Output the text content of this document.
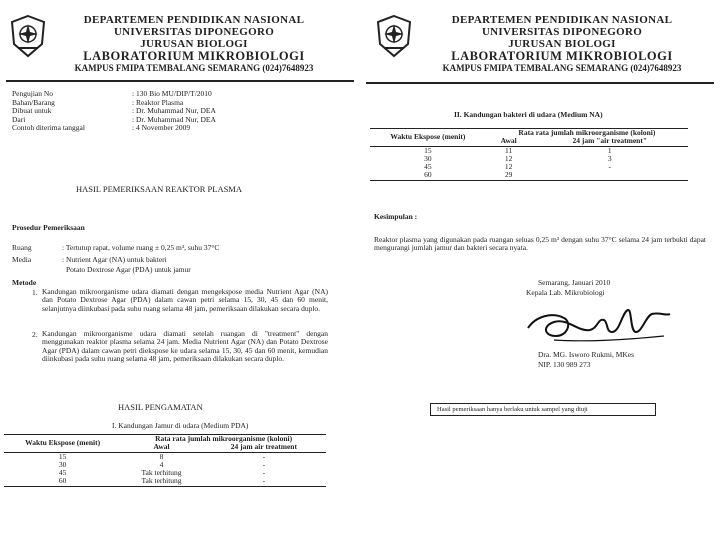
DEPARTEMEN PENDIDIKAN NASIONAL
UNIVERSITAS DIPONEGORO
JURUSAN BIOLOGI
LABORATORIUM MIKROBIOLOGI
KAMPUS FMIPA TEMBALANG SEMARANG (024)7648923
Pengujian No	: 130 Bio MU/DIP/T/2010
Bahan/Barang	: Reaktor Plasma
Dibuat untuk	: Dr. Muhammad Nur, DEA
Dari	: Dr. Muhammad Nur, DEA
Contoh diterima tanggal	: 4 November 2009
HASIL PEMERIKSAAN REAKTOR PLASMA
Prosedur Pemeriksaan
Ruang	: Tertutup rapat, volume ruang ± 0,25 m³, suhu 37°C
Media	: Nutrient Agar (NA) untuk bakteri
Potato Dextrose Agar (PDA) untuk jamur
Metode
1. Kandungan mikroorganisme udara diamati dengan mengekspose media Nutrient Agar (NA) dan Potato Dextrose Agar (PDA) dalam cawan petri selama 15, 30, 45 dan 60 menit, selanjutnya diinkubasi pada suhu ruang selama 48 jam, pemeriksaan dilakukan secara duplo.
2. Kandungan mikroorganisme udara diamati setelah ruangan di "treatment" dengan menggunakan reaktor plasma selama 24 jam. Media Nutrient Agar (NA) dan Potato Dextrose Agar (PDA) dalam cawan petri diekspose ke udara selama 15, 30, 45 dan 60 menit, kemudian diinkubasi pada suhu ruang selama 48 jam, pemeriksaan dilakukan secara duplo.
HASIL PENGAMATAN
I. Kandungan Jamur di udara (Medium PDA)
Waktu Ekspose (menit)	Rata rata jumlah mikroorganisme (koloni)	
	Awal	24 jam air treatment
15	8	-
30	4	-
45	Tak terhitung	-
60	Tak terhitung	-
DEPARTEMEN PENDIDIKAN NASIONAL
UNIVERSITAS DIPONEGORO
JURUSAN BIOLOGI
LABORATORIUM MIKROBIOLOGI
KAMPUS FMIPA TEMBALANG SEMARANG (024)7648923
II. Kandungan bakteri di udara (Medium NA)
Waktu Ekspose (menit)	Rata rata jumlah mikroorganisme (koloni)	
	Awal	24 jam "air treatment"
15	11	1
30	12	3
45	12	-
60	29	
Kesimpulan :
Reaktor plasma yang digunakan pada ruangan seluas 0,25 m³ dengan suhu 37°C selama 24 jam terbukti dapat mengurangi jumlah jamur dan bakteri secara nyata.
Semarang, Januari 2010
Kepala Lab. Mikrobiologi
Dra. MG. Isworo Rukmi, MKes
NIP. 130 989 273
Hasil pemeriksaan hanya berlaku untuk sampel yang diuji
